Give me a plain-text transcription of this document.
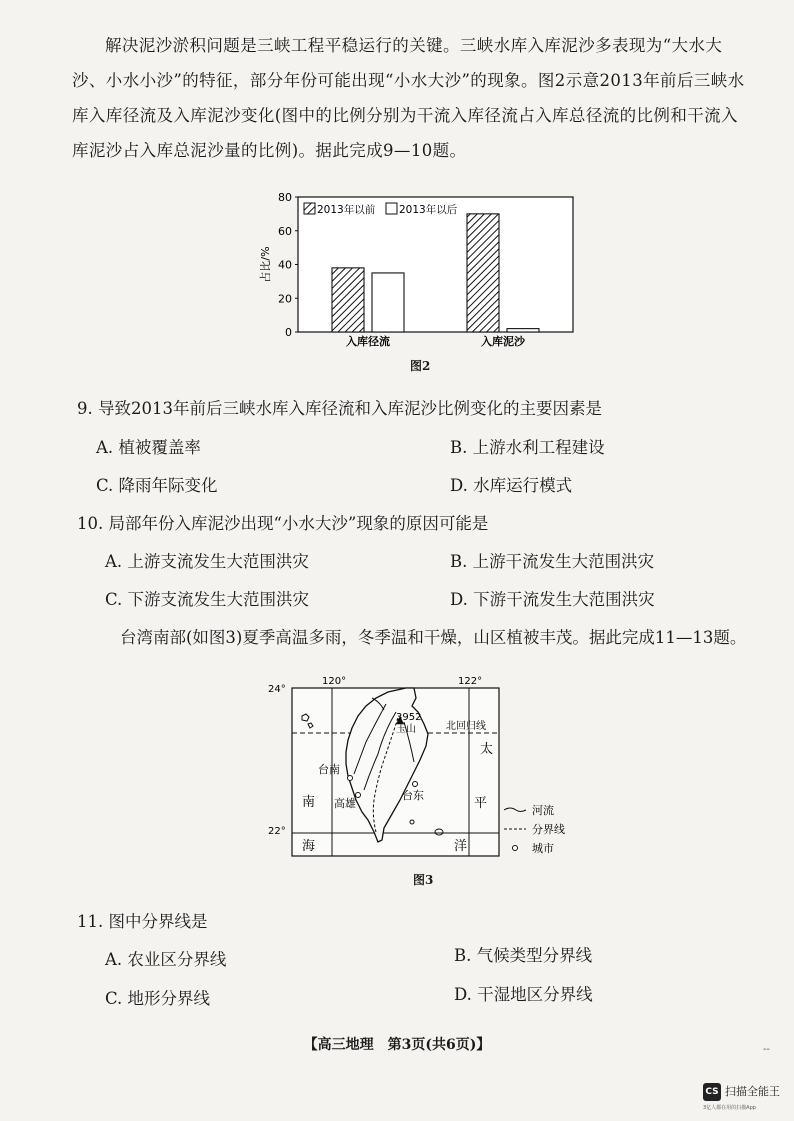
解决泥沙淤积问题是三峡工程平稳运行的关键。三峡水库入库泥沙多表现为“大水大沙、小水小沙”的特征，部分年份可能出现“小水大沙”的现象。图2示意2013年前后三峡水库入库径流及入库泥沙变化(图中的比例分别为干流入库径流占入库总径流的比例和干流入库泥沙占入库总泥沙量的比例)。据此完成9—10题。
0
20
40
60
80
占比/%
入库径流	入库泥沙
2013年以前 2013年以后
图2
9. 导致2013年前后三峡水库入库径流和入库泥沙比例变化的主要因素是
A. 植被覆盖率	B. 上游水利工程建设
C. 降雨年际变化	D. 水库运行模式
10. 局部年份入库泥沙出现“小水大沙”现象的原因可能是
A. 上游支流发生大范围洪灾	B. 上游干流发生大范围洪灾
C. 下游支流发生大范围洪灾	D. 下游干流发生大范围洪灾
台湾南部(如图3)夏季高温多雨，冬季温和干燥，山区植被丰茂。据此完成11—13题。
24°
22°
120°	122°
3952
玉山	北回归线
台南
高雄
台东
南
海
太
平
洋
河流
分界线
城市
图3
11. 图中分界线是
A. 农业区分界线	B. 气候类型分界线
C. 地形分界线	D. 干湿地区分界线
【高三地理　第3页(共6页)】	--
CS 扫描全能王
3亿人都在用的扫描App
